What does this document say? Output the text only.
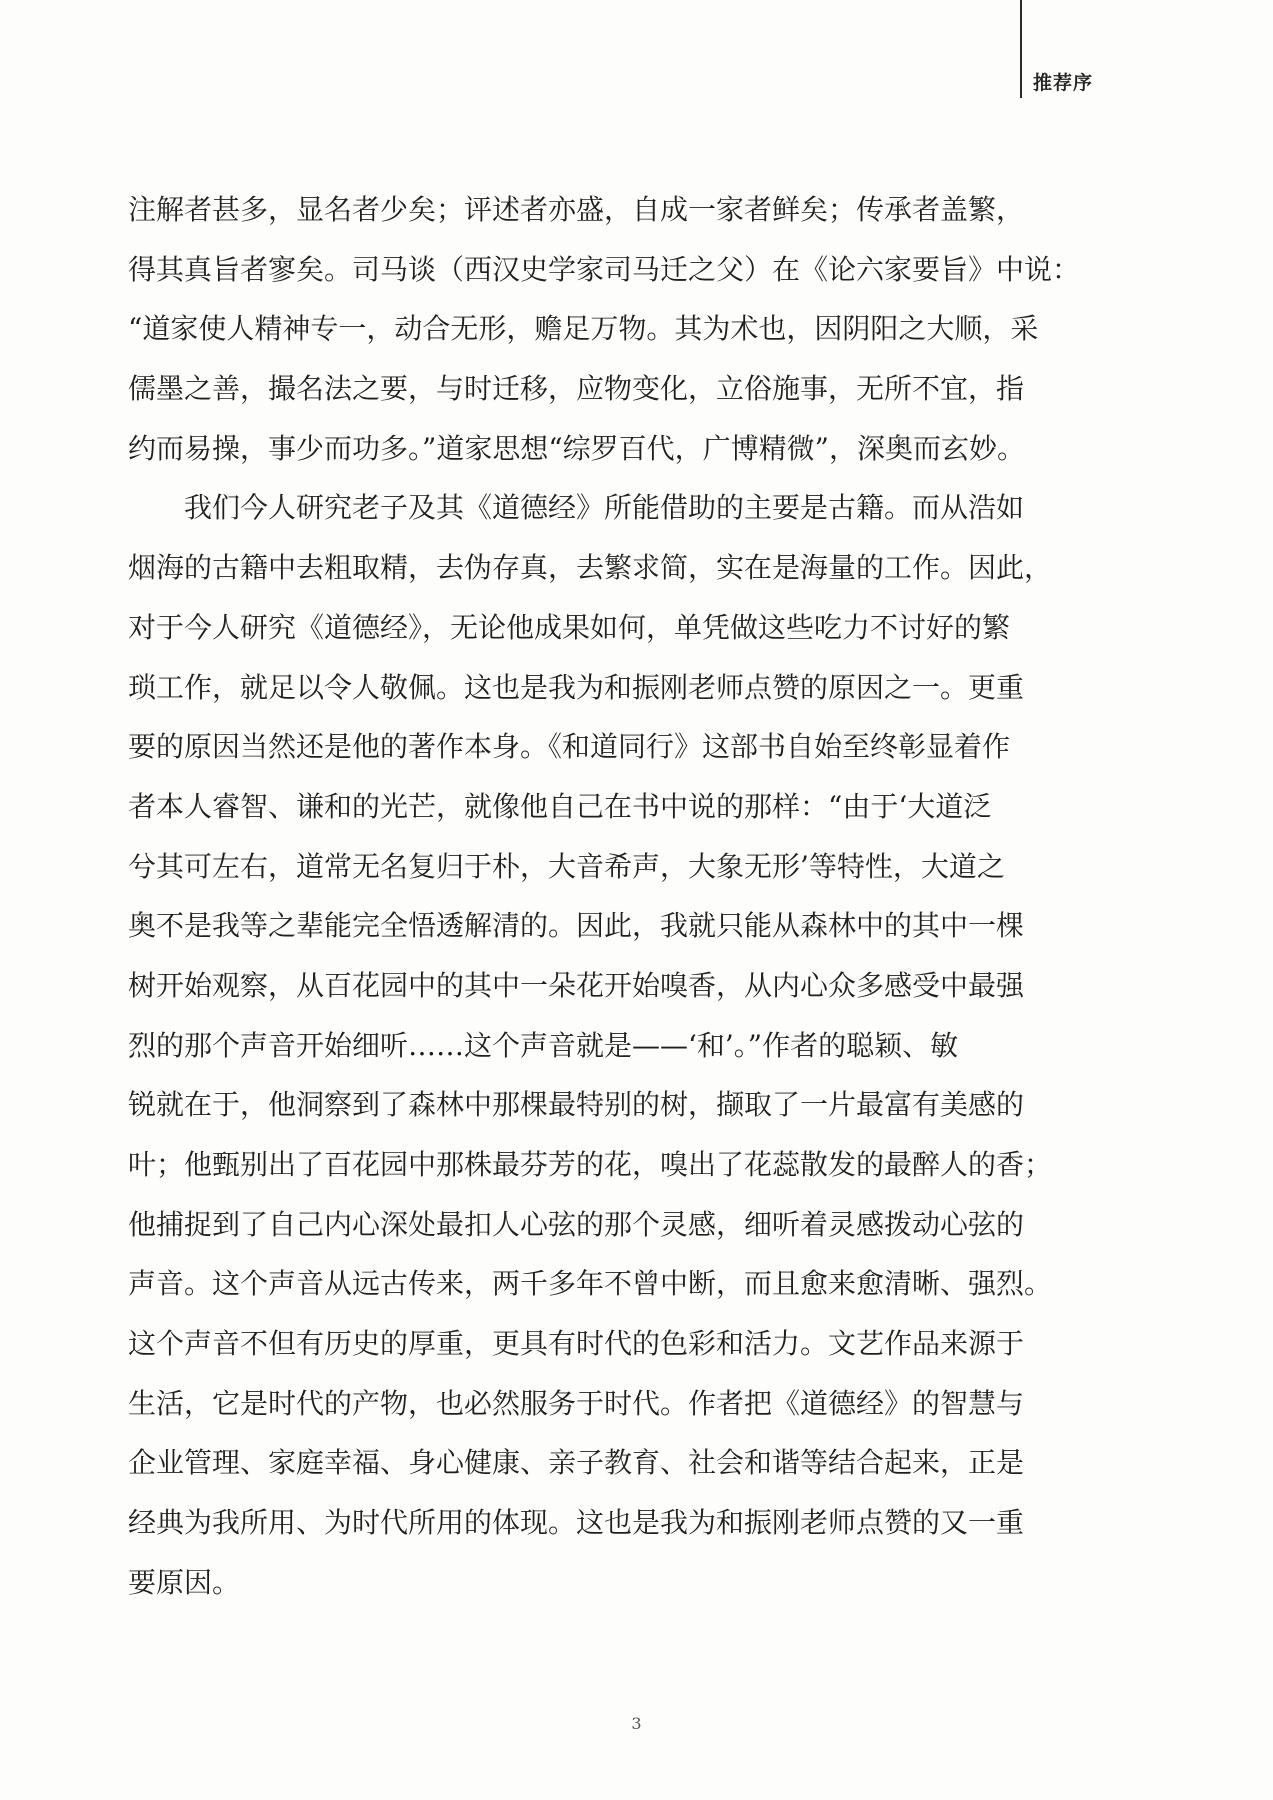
推荐序
注解者甚多，显名者少矣；评述者亦盛，自成一家者鲜矣；传承者盖繁，
得其真旨者寥矣。司马谈（西汉史学家司马迁之父）在《论六家要旨》中说：
“道家使人精神专一，动合无形，赡足万物。其为术也，因阴阳之大顺，采
儒墨之善，撮名法之要，与时迁移，应物变化，立俗施事，无所不宜，指
约而易操，事少而功多。”道家思想“综罗百代，广博精微”，深奥而玄妙。
我们今人研究老子及其《道德经》所能借助的主要是古籍。而从浩如
烟海的古籍中去粗取精，去伪存真，去繁求简，实在是海量的工作。因此，
对于今人研究《道德经》，无论他成果如何，单凭做这些吃力不讨好的繁
琐工作，就足以令人敬佩。这也是我为和振刚老师点赞的原因之一。更重
要的原因当然还是他的著作本身。《和道同行》这部书自始至终彰显着作
者本人睿智、谦和的光芒，就像他自己在书中说的那样：“由于‘大道泛
兮其可左右，道常无名复归于朴，大音希声，大象无形’等特性，大道之
奥不是我等之辈能完全悟透解清的。因此，我就只能从森林中的其中一棵
树开始观察，从百花园中的其中一朵花开始嗅香，从内心众多感受中最强
烈的那个声音开始细听……这个声音就是——‘和’。”作者的聪颖、敏
锐就在于，他洞察到了森林中那棵最特别的树，撷取了一片最富有美感的
叶；他甄别出了百花园中那株最芬芳的花，嗅出了花蕊散发的最醉人的香；
他捕捉到了自己内心深处最扣人心弦的那个灵感，细听着灵感拨动心弦的
声音。这个声音从远古传来，两千多年不曾中断，而且愈来愈清晰、强烈。
这个声音不但有历史的厚重，更具有时代的色彩和活力。文艺作品来源于
生活，它是时代的产物，也必然服务于时代。作者把《道德经》的智慧与
企业管理、家庭幸福、身心健康、亲子教育、社会和谐等结合起来，正是
经典为我所用、为时代所用的体现。这也是我为和振刚老师点赞的又一重
要原因。
3
